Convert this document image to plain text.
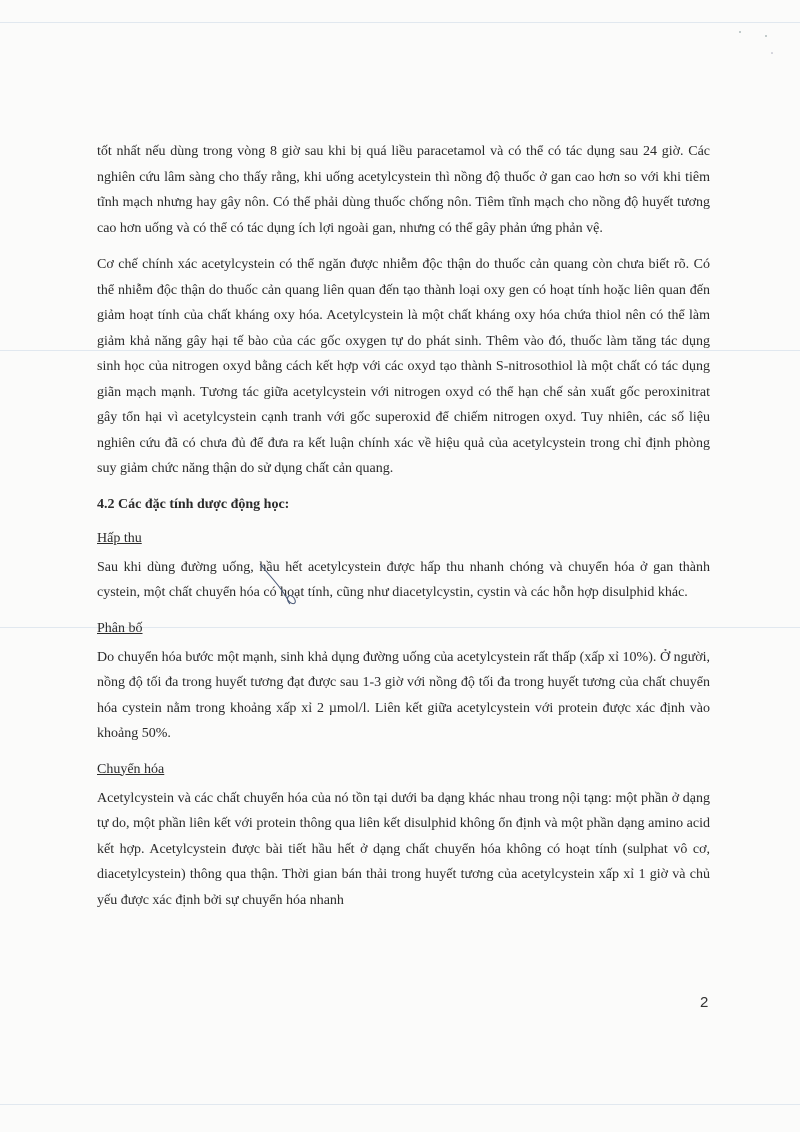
tốt nhất nếu dùng trong vòng 8 giờ sau khi bị quá liều paracetamol và có thể có tác dụng sau 24 giờ. Các nghiên cứu lâm sàng cho thấy rằng, khi uống acetylcystein thì nồng độ thuốc ở gan cao hơn so với khi tiêm tĩnh mạch nhưng hay gây nôn. Có thể phải dùng thuốc chống nôn. Tiêm tĩnh mạch cho nồng độ huyết tương cao hơn uống và có thể có tác dụng ích lợi ngoài gan, nhưng có thể gây phản ứng phản vệ.

Cơ chế chính xác acetylcystein có thể ngăn được nhiễm độc thận do thuốc cản quang còn chưa biết rõ. Có thể nhiễm độc thận do thuốc cản quang liên quan đến tạo thành loại oxy gen có hoạt tính hoặc liên quan đến giảm hoạt tính của chất kháng oxy hóa. Acetylcystein là một chất kháng oxy hóa chứa thiol nên có thể làm giảm khả năng gây hại tế bào của các gốc oxygen tự do phát sinh. Thêm vào đó, thuốc làm tăng tác dụng sinh học của nitrogen oxyd bằng cách kết hợp với các oxyd tạo thành S-nitrosothiol là một chất có tác dụng giãn mạch mạnh. Tương tác giữa acetylcystein với nitrogen oxyd có thể hạn chế sản xuất gốc peroxinitrat gây tổn hại vì acetylcystein cạnh tranh với gốc superoxid để chiếm nitrogen oxyd. Tuy nhiên, các số liệu nghiên cứu đã có chưa đủ để đưa ra kết luận chính xác về hiệu quả của acetylcystein trong chỉ định phòng suy giảm chức năng thận do sử dụng chất cản quang.

4.2 Các đặc tính dược động học:
Hấp thu

Sau khi dùng đường uống, hầu hết acetylcystein được hấp thu nhanh chóng và chuyển hóa ở gan thành cystein, một chất chuyển hóa có hoạt tính, cũng như diacetylcystin, cystin và các hỗn hợp disulphid khác.

Phân bố

Do chuyển hóa bước một mạnh, sinh khả dụng đường uống của acetylcystein rất thấp (xấp xỉ 10%). Ở người, nồng độ tối đa trong huyết tương đạt được sau 1-3 giờ với nồng độ tối đa trong huyết tương của chất chuyển hóa cystein nằm trong khoảng xấp xỉ 2 µmol/l. Liên kết giữa acetylcystein với protein được xác định vào khoảng 50%.

Chuyển hóa

Acetylcystein và các chất chuyển hóa của nó tồn tại dưới ba dạng khác nhau trong nội tạng: một phần ở dạng tự do, một phần liên kết với protein thông qua liên kết disulphid không ổn định và một phần dạng amino acid kết hợp. Acetylcystein được bài tiết hầu hết ở dạng chất chuyển hóa không có hoạt tính (sulphat vô cơ, diacetylcystein) thông qua thận. Thời gian bán thải trong huyết tương của acetylcystein xấp xỉ 1 giờ và chủ yếu được xác định bởi sự chuyển hóa nhanh

2
